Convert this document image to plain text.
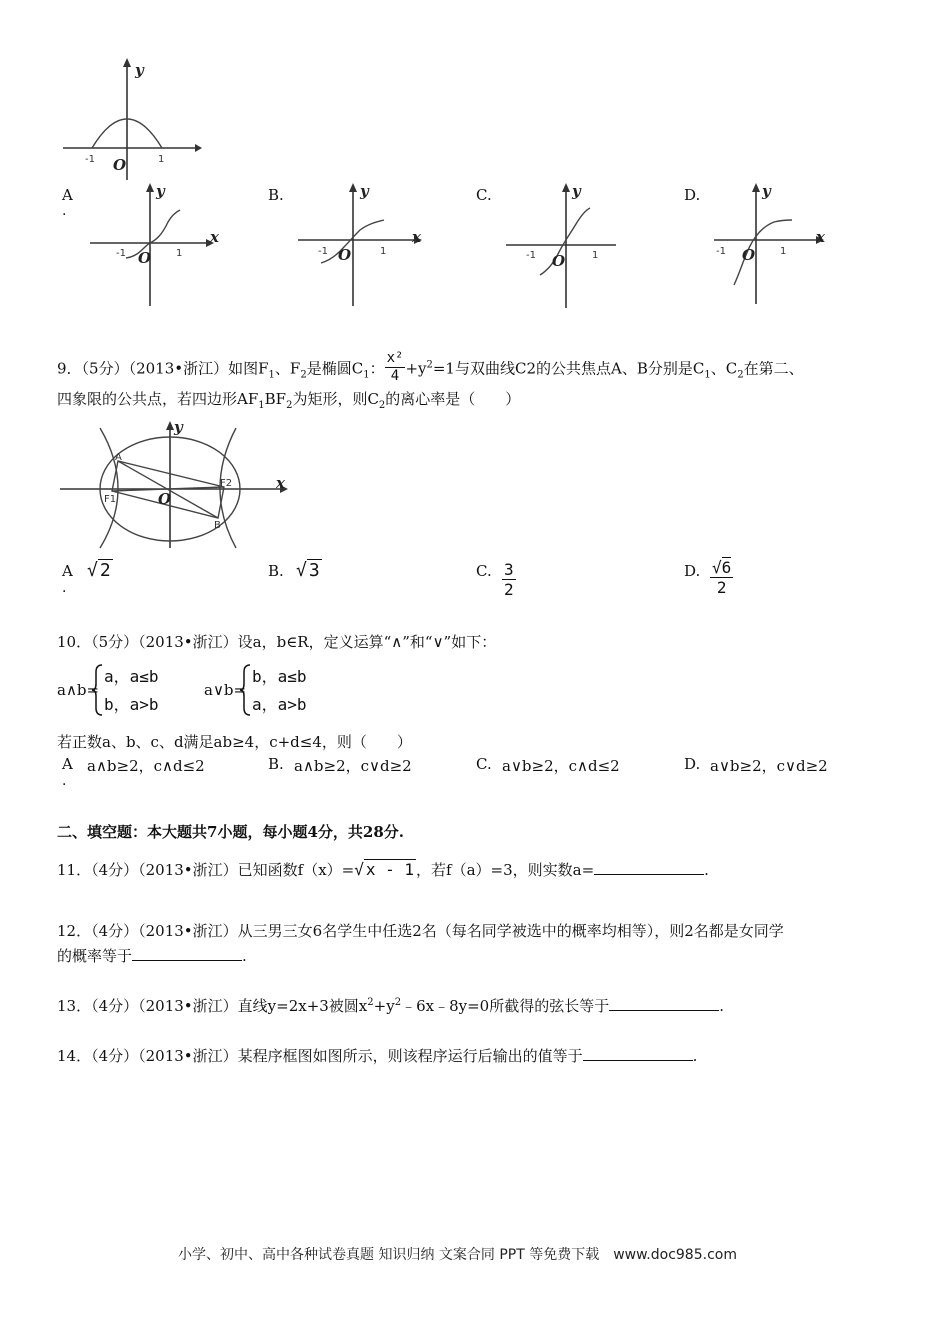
y
O
-1	1
A
.
B.	C.	D.
y
x
O
-1	1
y
x
O
-1	1
y
O
-1	1
y
x
O
-1	1
9．（5分）（2013•浙江）如图$F_1$、$F_2$是椭圆$C_1$： $\frac{\text{x²}}{4} +y^2=1$与双曲线C2的公共焦点A、B分别是$C_1$、$C_2$在第二、
四象限的公共点，若四边形$AF_1BF_2$为矩形，则$C_2$的离心率是（　　）
A
B
F1
F2	x
y
O
A
.
√ 2	B. √ 3	C. $\frac{3}{2}$	D. $\frac{√6}{2}$
10．（5分）（2013•浙江）设a，b∈R，定义运算“∧”和“∨”如下：
a∧b=
a，a≤b
b，a>b
a∨b=
b，a≤b
a，a>b
若正数a、b、c、d满足ab≥4，c+d≤4，则（　　）
A
.
a∧b≥2，c∧d≤2	B. a∧b≥2，c∨d≥2	C. a∨b≥2，c∧d≤2	D. a∨b≥2，c∨d≥2
二、填空题：本大题共7小题，每小题4分，共28分.
11．（4分）（2013•浙江）已知函数f（x）=√ x - 1 ，若f（a）=3，则实数a=	.
12．（4分）（2013•浙江）从三男三女6名学生中任选2名（每名同学被选中的概率均相等），则2名都是女同学
的概率等于	.
13．（4分）（2013•浙江）直线y=2x+3被圆$x^2+y^2﹣6x﹣8y=0$所截得的弦长等于	.
14．（4分）（2013•浙江）某程序框图如图所示，则该程序运行后输出的值等于	.
小学、初中、高中各种试卷真题 知识归纳 文案合同 PPT 等免费下载　www.doc985.com
